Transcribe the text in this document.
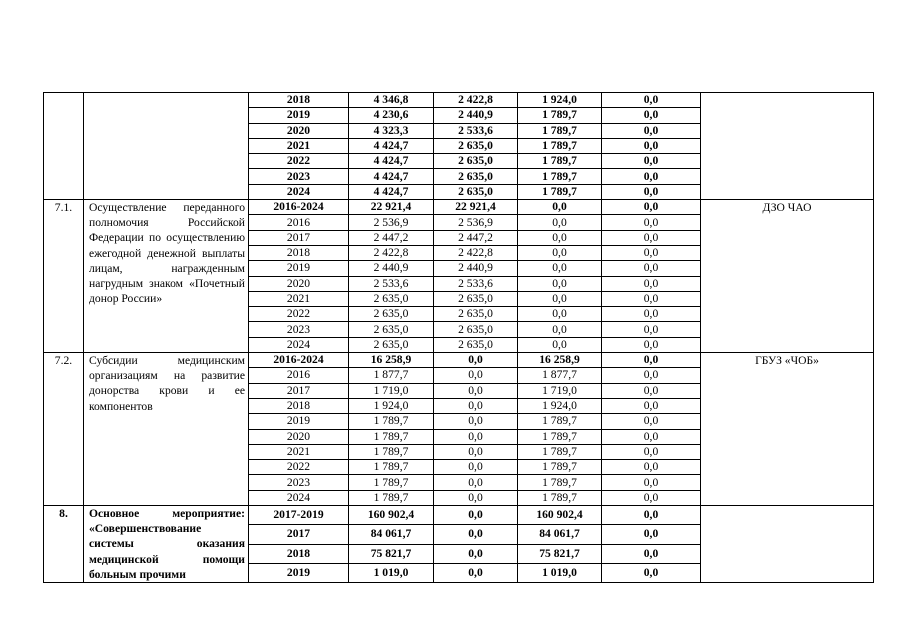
		2018	4 346,8	2 422,8	1 924,0	0,0	
		2019	4 230,6	2 440,9	1 789,7	0,0	
		2020	4 323,3	2 533,6	1 789,7	0,0	
		2021	4 424,7	2 635,0	1 789,7	0,0	
		2022	4 424,7	2 635,0	1 789,7	0,0	
		2023	4 424,7	2 635,0	1 789,7	0,0	
		2024	4 424,7	2 635,0	1 789,7	0,0	
7.1.	Осуществление переданного полномочия Российской Федерации по осуществлению ежегодной денежной выплаты лицам, награжденным нагрудным знаком «Почетный донор России»	2016-2024	22 921,4	22 921,4	0,0	0,0	ДЗО ЧАО
		2016	2 536,9	2 536,9	0,0	0,0	
		2017	2 447,2	2 447,2	0,0	0,0	
		2018	2 422,8	2 422,8	0,0	0,0	
		2019	2 440,9	2 440,9	0,0	0,0	
		2020	2 533,6	2 533,6	0,0	0,0	
		2021	2 635,0	2 635,0	0,0	0,0	
		2022	2 635,0	2 635,0	0,0	0,0	
		2023	2 635,0	2 635,0	0,0	0,0	
		2024	2 635,0	2 635,0	0,0	0,0	
7.2.	Субсидии медицинским организациям на развитие донорства крови и ее компонентов	2016-2024	16 258,9	0,0	16 258,9	0,0	ГБУЗ «ЧОБ»
		2016	1 877,7	0,0	1 877,7	0,0	
		2017	1 719,0	0,0	1 719,0	0,0	
		2018	1 924,0	0,0	1 924,0	0,0	
		2019	1 789,7	0,0	1 789,7	0,0	
		2020	1 789,7	0,0	1 789,7	0,0	
		2021	1 789,7	0,0	1 789,7	0,0	
		2022	1 789,7	0,0	1 789,7	0,0	
		2023	1 789,7	0,0	1 789,7	0,0	
		2024	1 789,7	0,0	1 789,7	0,0	
8.	Основное мероприятие: «Совершенствование системы оказания медицинской помощи больным прочими	2017-2019	160 902,4	0,0	160 902,4	0,0	
		2017	84 061,7	0,0	84 061,7	0,0	
		2018	75 821,7	0,0	75 821,7	0,0	
		2019	1 019,0	0,0	1 019,0	0,0	
